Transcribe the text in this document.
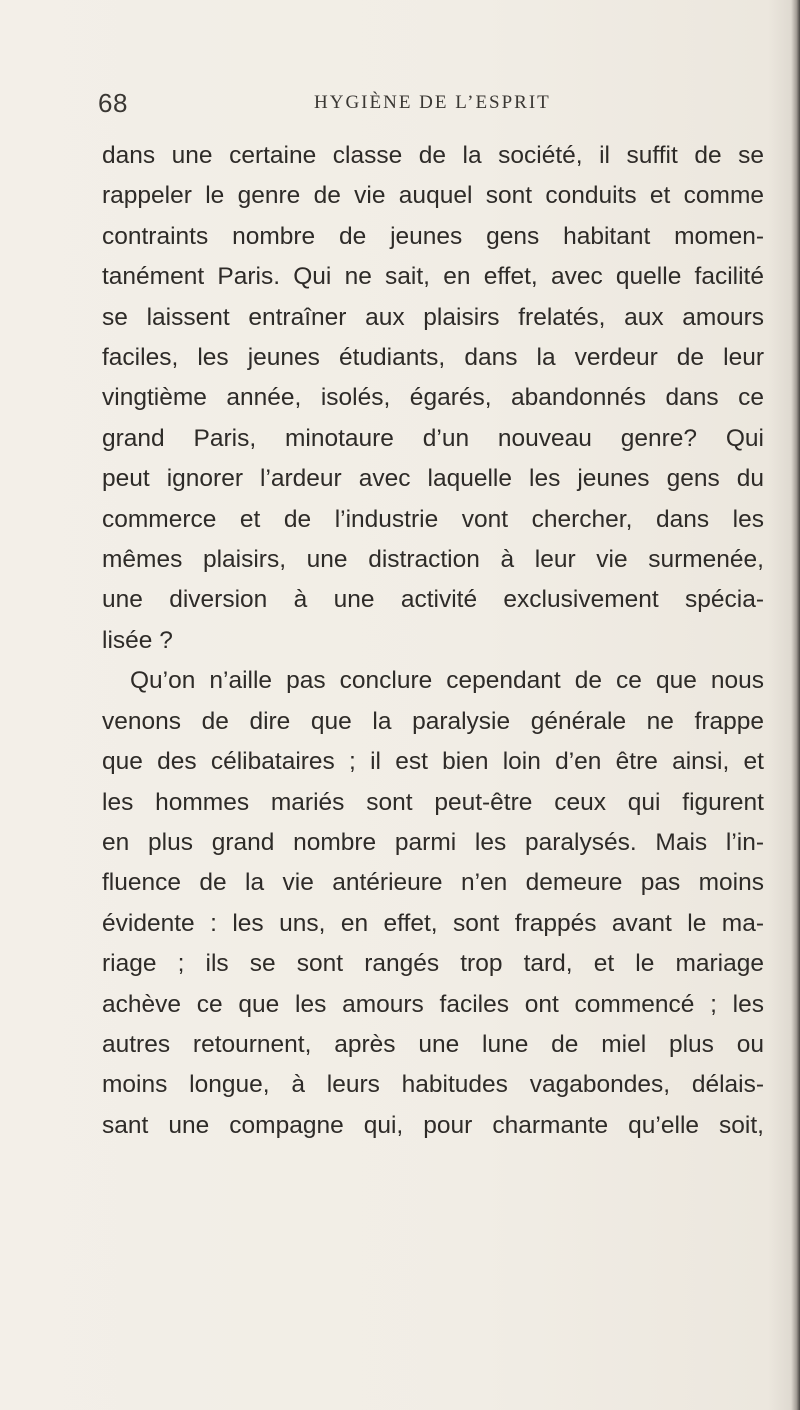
68	HYGIÈNE DE L’ESPRIT
dans une certaine classe de la société, il suffit de se
rappeler le genre de vie auquel sont conduits et comme
contraints nombre de jeunes gens habitant momen-
tanément Paris. Qui ne sait, en effet, avec quelle facilité
se laissent entraîner aux plaisirs frelatés, aux amours
faciles, les jeunes étudiants, dans la verdeur de leur
vingtième année, isolés, égarés, abandonnés dans ce
grand Paris, minotaure d’un nouveau genre? Qui
peut ignorer l’ardeur avec laquelle les jeunes gens du
commerce et de l’industrie vont chercher, dans les
mêmes plaisirs, une distraction à leur vie surmenée,
une diversion à une activité exclusivement spécia-
lisée ?
Qu’on n’aille pas conclure cependant de ce que nous
venons de dire que la paralysie générale ne frappe
que des célibataires ; il est bien loin d’en être ainsi, et
les hommes mariés sont peut-être ceux qui figurent
en plus grand nombre parmi les paralysés. Mais l’in-
fluence de la vie antérieure n’en demeure pas moins
évidente : les uns, en effet, sont frappés avant le ma-
riage ; ils se sont rangés trop tard, et le mariage
achève ce que les amours faciles ont commencé ; les
autres retournent, après une lune de miel plus ou
moins longue, à leurs habitudes vagabondes, délais-
sant une compagne qui, pour charmante qu’elle soit,
